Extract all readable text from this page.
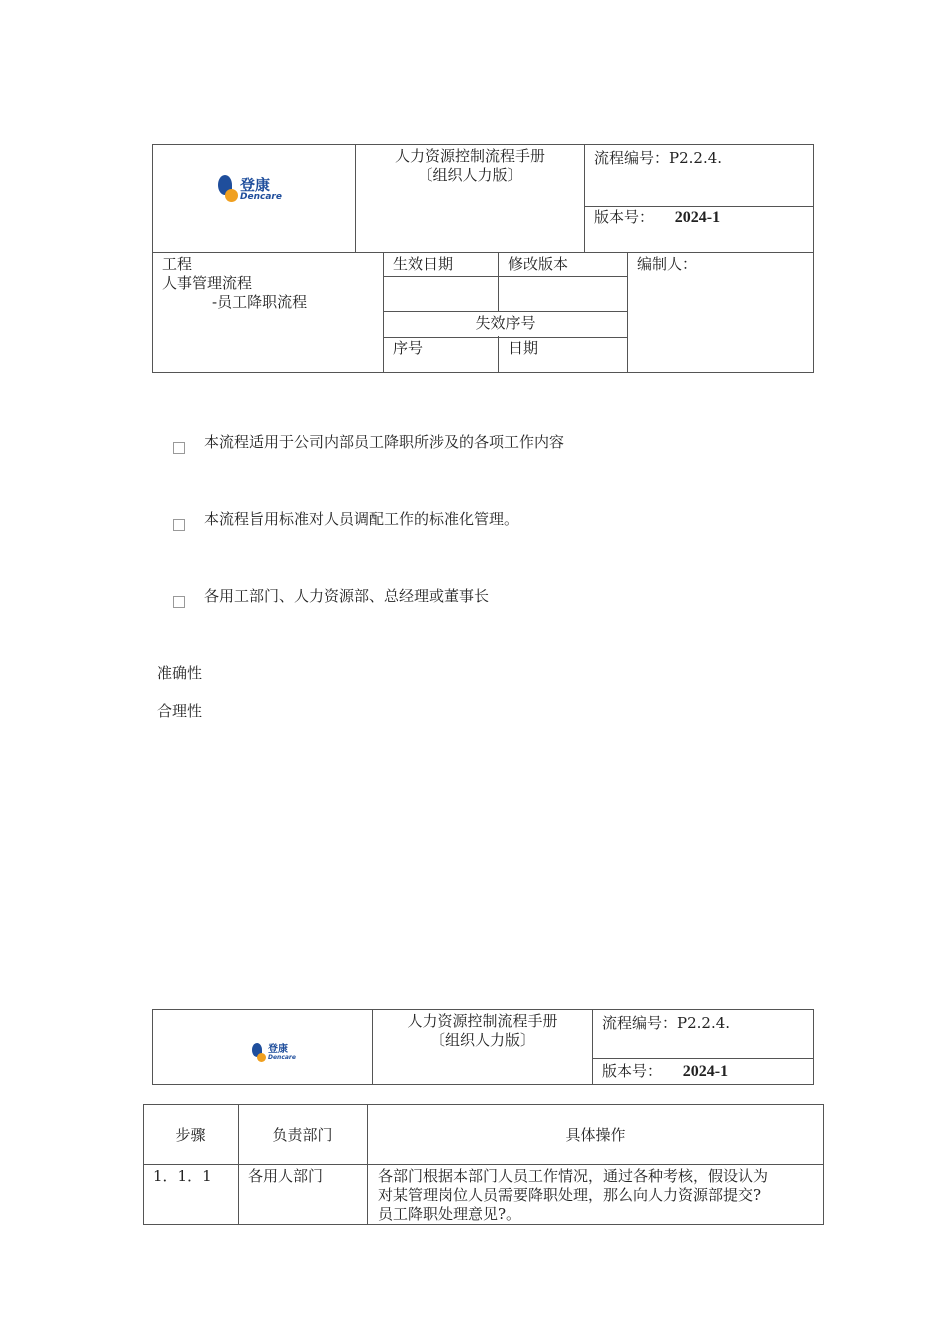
登康
Dencare
人力资源控制流程手册
〔组织人力版〕
流程编号：P2.2.4.
版本号： 2024-1
工程
人事管理流程
-员工降职流程
生效日期	修改版本	编制人：
失效序号
序号	日期
本流程适用于公司内部员工降职所涉及的各项工作内容
本流程旨用标准对人员调配工作的标准化管理。
各用工部门、人力资源部、总经理或董事长
准确性
合理性
登康
Dencare
人力资源控制流程手册
〔组织人力版〕
流程编号：P2.2.4.
版本号： 2024-1
步骤	负责部门	具体操作
1．1．1 各用人部门	各部门根据本部门人员工作情况，通过各种考核，假设认为
对某管理岗位人员需要降职处理，那么向人力资源部提交?
员工降职处理意见?。
